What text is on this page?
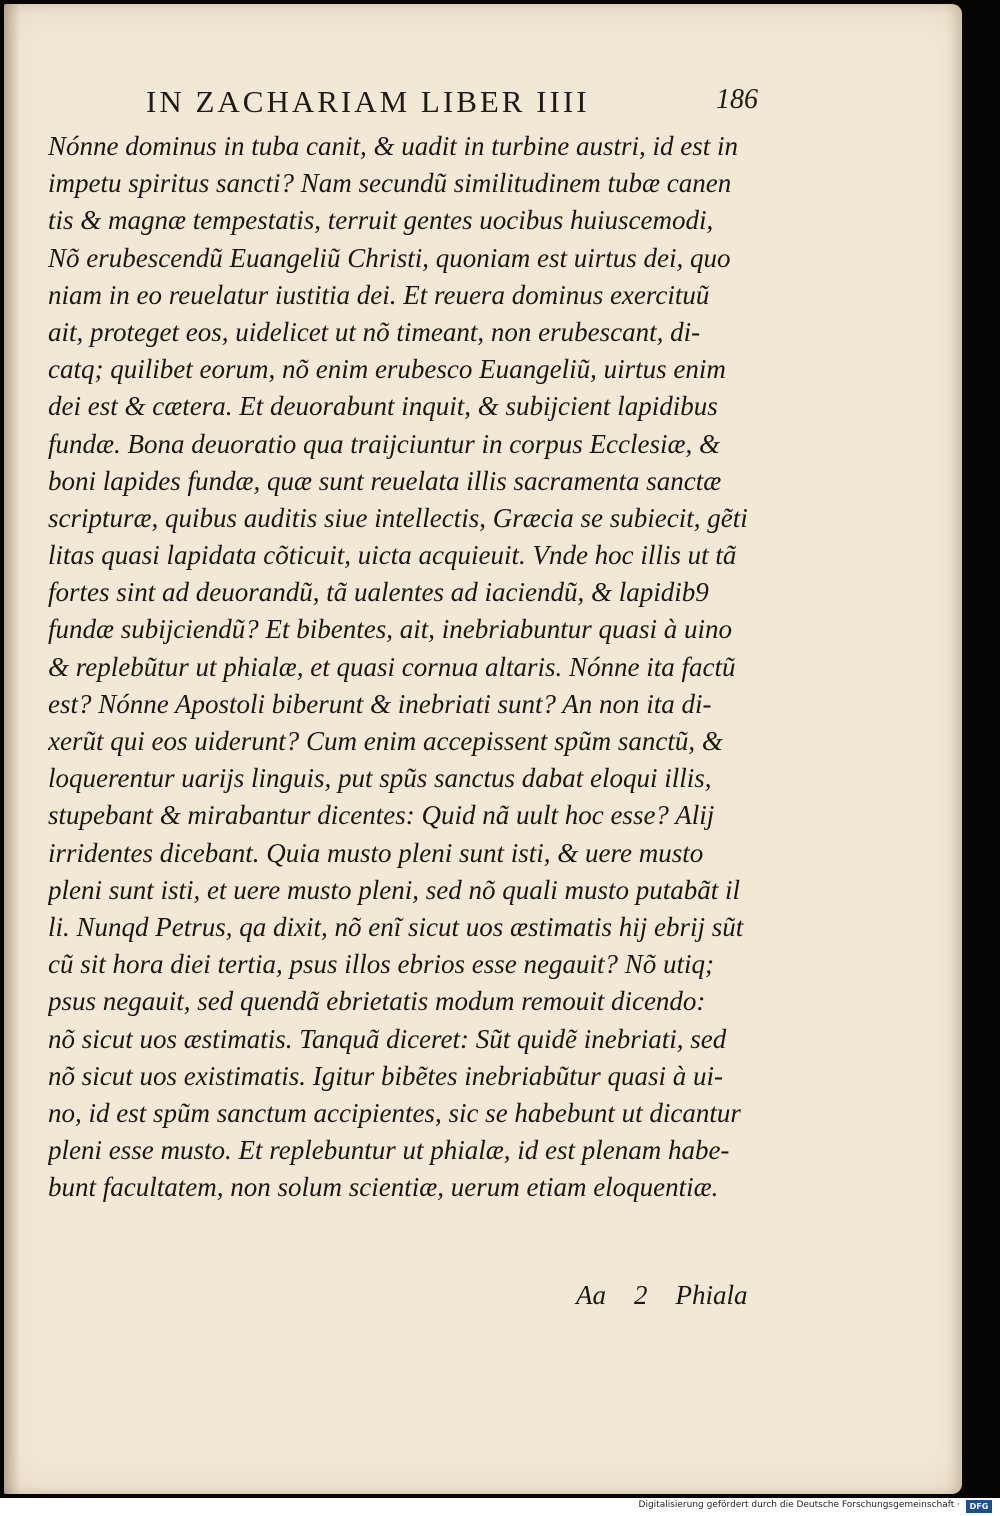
IN ZACHARIAM LIBER IIII	186
Nónne dominus in tuba canit, & uadit in turbine austri, id est in
impetu spiritus sancti? Nam secundũ similitudinem tubæ canen
tis & magnæ tempestatis, terruit gentes uocibus huiuscemodi,
Nõ erubescendũ Euangeliũ Christi, quoniam est uirtus dei, quo
niam in eo reuelatur iustitia dei. Et reuera dominus exercituũ
ait, proteget eos, uidelicet ut nõ timeant, non erubescant, di-
catq; quilibet eorum, nõ enim erubesco Euangeliũ, uirtus enim
dei est & cætera. Et deuorabunt inquit, & subijcient lapidibus
fundæ. Bona deuoratio qua traijciuntur in corpus Ecclesiæ, &
boni lapides fundæ, quæ sunt reuelata illis sacramenta sanctæ
scripturæ, quibus auditis siue intellectis, Græcia se subiecit, gẽti
litas quasi lapidata cõticuit, uicta acquieuit. Vnde hoc illis ut tã
fortes sint ad deuorandũ, tã ualentes ad iaciendũ, & lapidib9
fundæ subijciendũ? Et bibentes, ait, inebriabuntur quasi à uino
& replebũtur ut phialæ, et quasi cornua altaris. Nónne ita factũ
est? Nónne Apostoli biberunt & inebriati sunt? An non ita di-
xerũt qui eos uiderunt? Cum enim accepissent spũm sanctũ, &
loquerentur uarijs linguis, put spũs sanctus dabat eloqui illis,
stupebant & mirabantur dicentes: Quid nã uult hoc esse? Alij
irridentes dicebant. Quia musto pleni sunt isti, & uere musto
pleni sunt isti, et uere musto pleni, sed nõ quali musto putabãt il
li. Nunqd Petrus, qa dixit, nõ enĩ sicut uos æstimatis hij ebrij sũt
cũ sit hora diei tertia, psus illos ebrios esse negauit? Nõ utiq;
psus negauit, sed quendã ebrietatis modum remouit dicendo:
nõ sicut uos æstimatis. Tanquã diceret: Sũt quidẽ inebriati, sed
nõ sicut uos existimatis. Igitur bibẽtes inebriabũtur quasi à ui-
no, id est spũm sanctum accipientes, sic se habebunt ut dicantur
pleni esse musto. Et replebuntur ut phialæ, id est plenam habe-
bunt facultatem, non solum scientiæ, uerum etiam eloquentiæ.
Aa 2 Phiala
Digitalisierung gefördert durch die Deutsche Forschungsgemeinschaft ·	DFG
